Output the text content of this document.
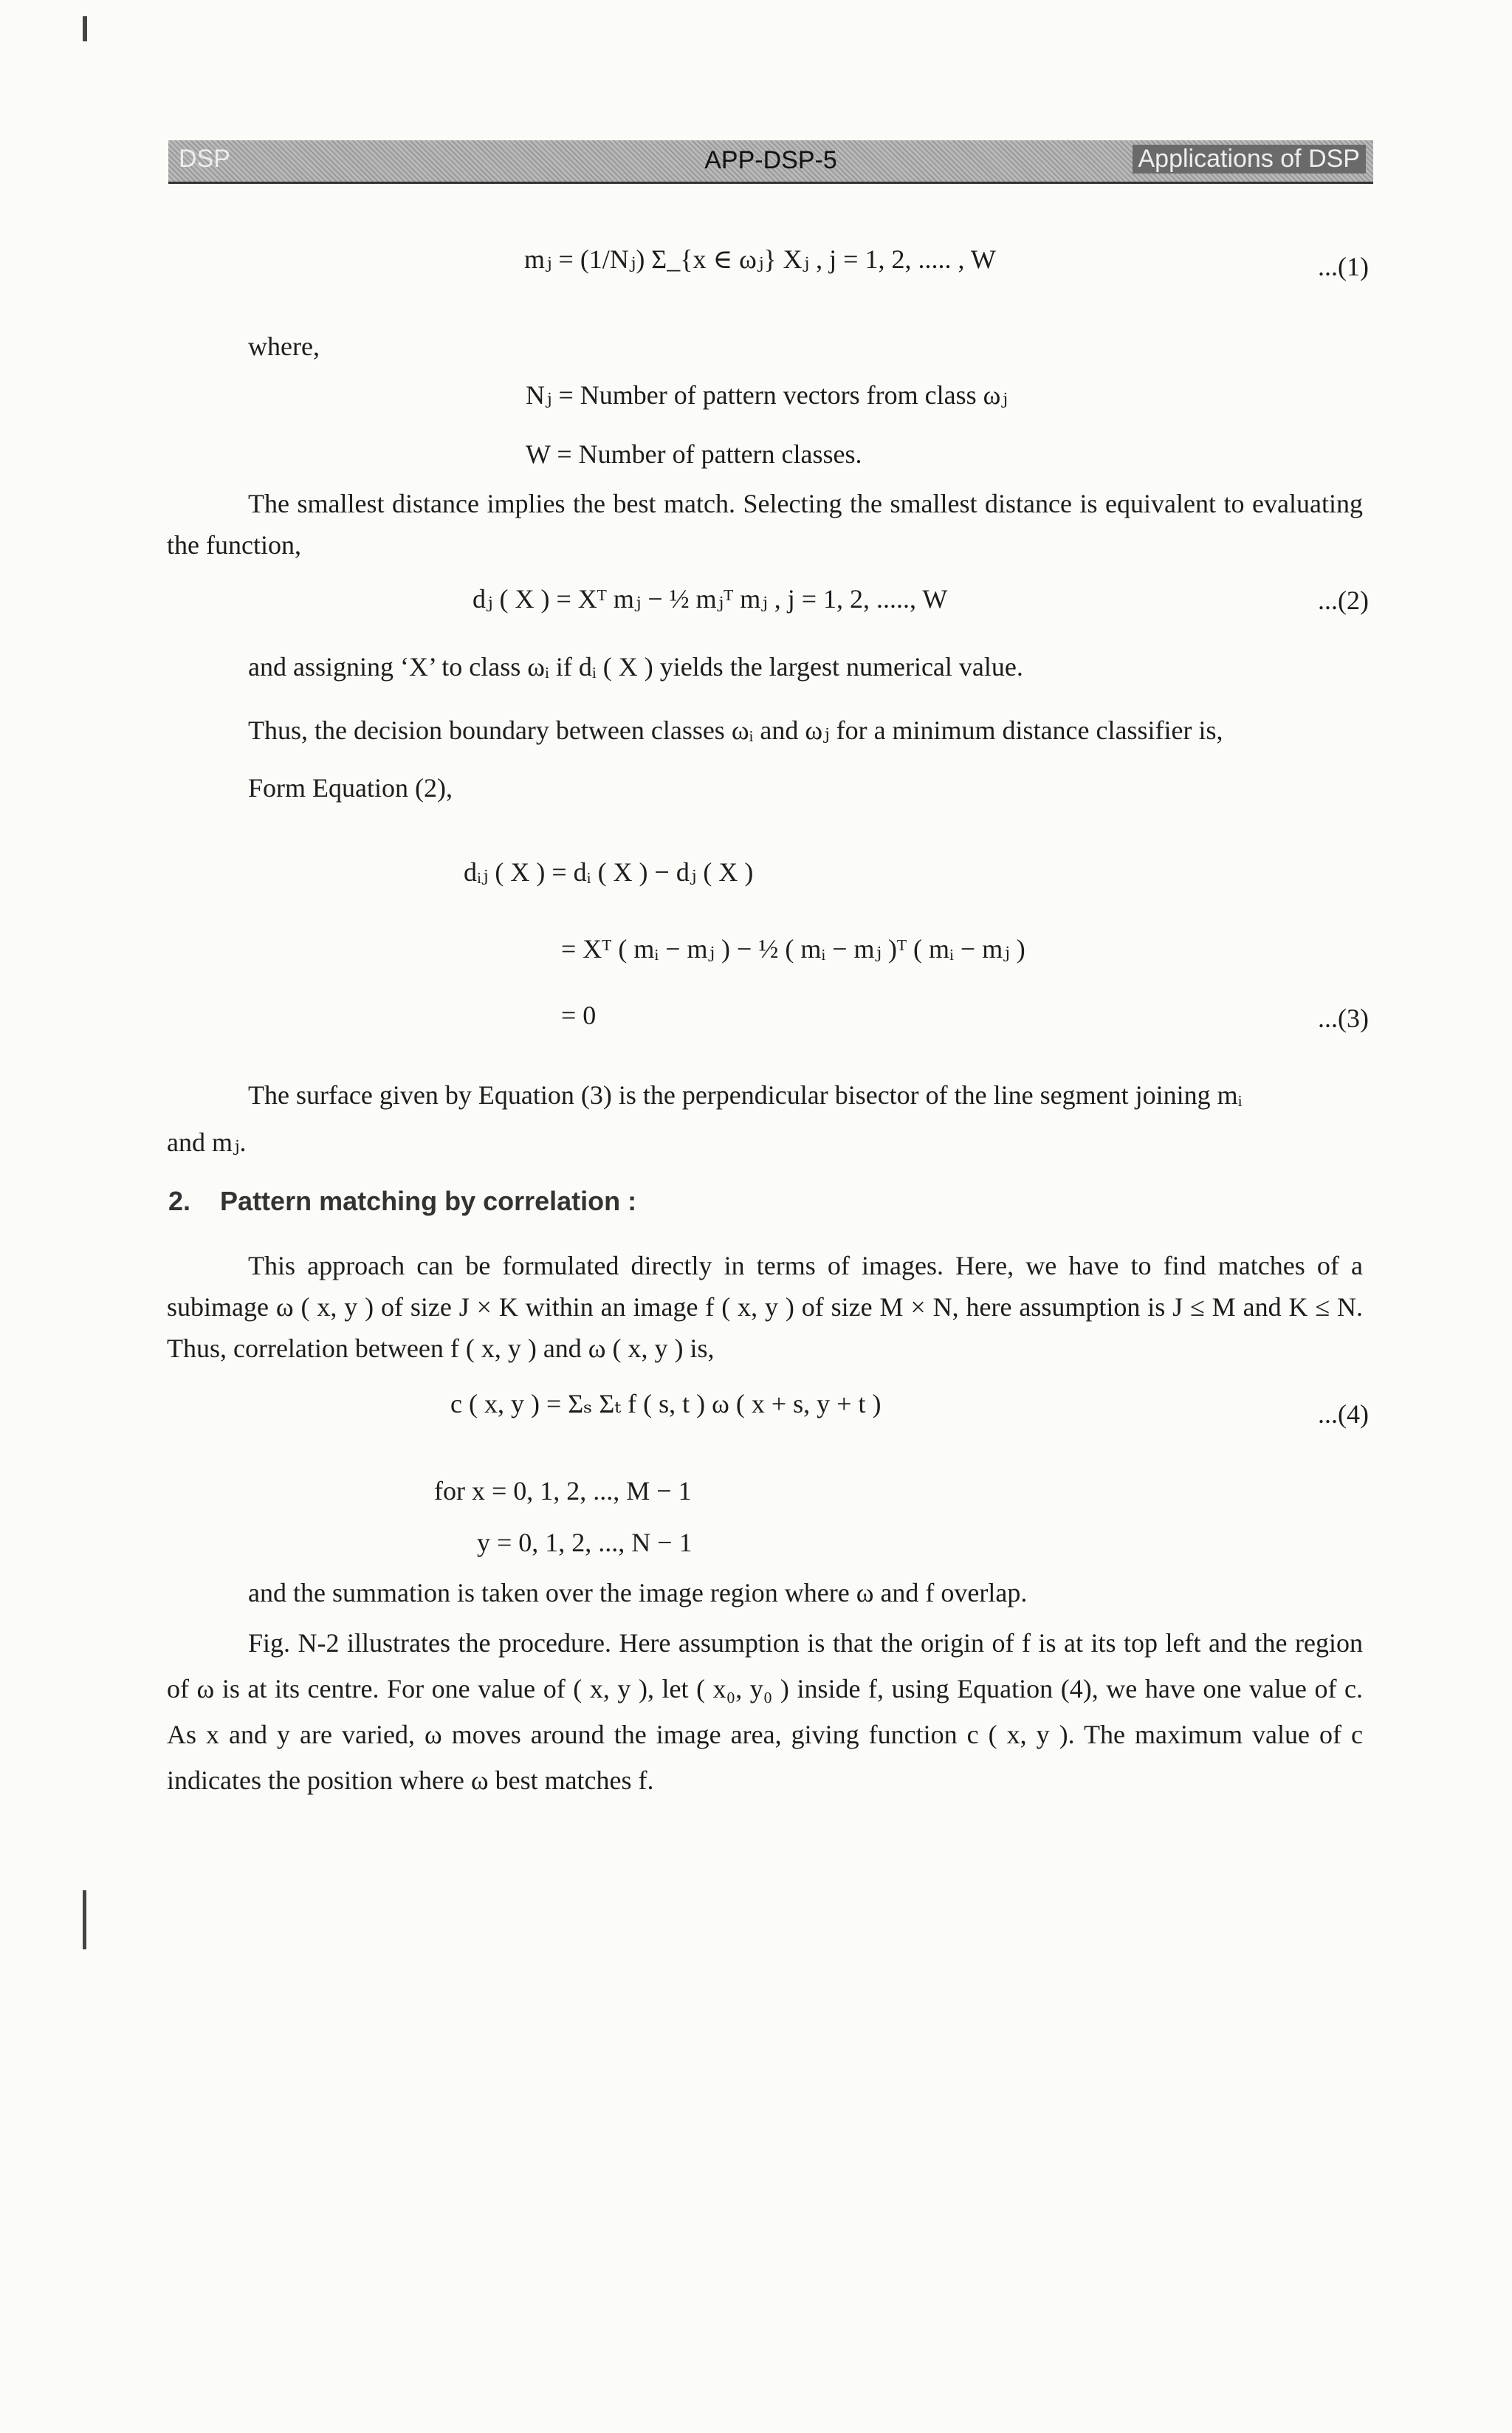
DSP	APP-DSP-5	Applications of DSP
mⱼ = (1/Nⱼ) Σ_{x ∈ ωⱼ} Xⱼ , j = 1, 2, ..... , W	...(1)
where,
Nⱼ = Number of pattern vectors from class ωⱼ
W = Number of pattern classes.
The smallest distance implies the best match. Selecting the smallest distance is equivalent to evaluating the function,
dⱼ ( X ) = Xᵀ mⱼ − ½ mⱼᵀ mⱼ , j = 1, 2, ....., W	...(2)
and assigning ‘X’ to class ωᵢ if dᵢ ( X ) yields the largest numerical value.
Thus, the decision boundary between classes ωᵢ and ωⱼ for a minimum distance classifier is,
Form Equation (2),
dᵢⱼ ( X ) = dᵢ ( X ) − dⱼ ( X )
= Xᵀ ( mᵢ − mⱼ ) − ½ ( mᵢ − mⱼ )ᵀ ( mᵢ − mⱼ )
= 0	...(3)
The surface given by Equation (3) is the perpendicular bisector of the line segment joining mᵢ
and mⱼ.
2. Pattern matching by correlation :
This approach can be formulated directly in terms of images. Here, we have to find matches of a subimage ω ( x, y ) of size J × K within an image f ( x, y ) of size M × N, here assumption is J ≤ M and K ≤ N. Thus, correlation between f ( x, y ) and ω ( x, y ) is,
c ( x, y ) = Σₛ Σₜ f ( s, t ) ω ( x + s, y + t )	...(4)
for x = 0, 1, 2, ..., M − 1
y = 0, 1, 2, ..., N − 1
and the summation is taken over the image region where ω and f overlap.
Fig. N-2 illustrates the procedure. Here assumption is that the origin of f is at its top left and the region of ω is at its centre. For one value of ( x, y ), let ( x₀, y₀ ) inside f, using Equation (4), we have one value of c. As x and y are varied, ω moves around the image area, giving function c ( x, y ). The maximum value of c indicates the position where ω best matches f.
